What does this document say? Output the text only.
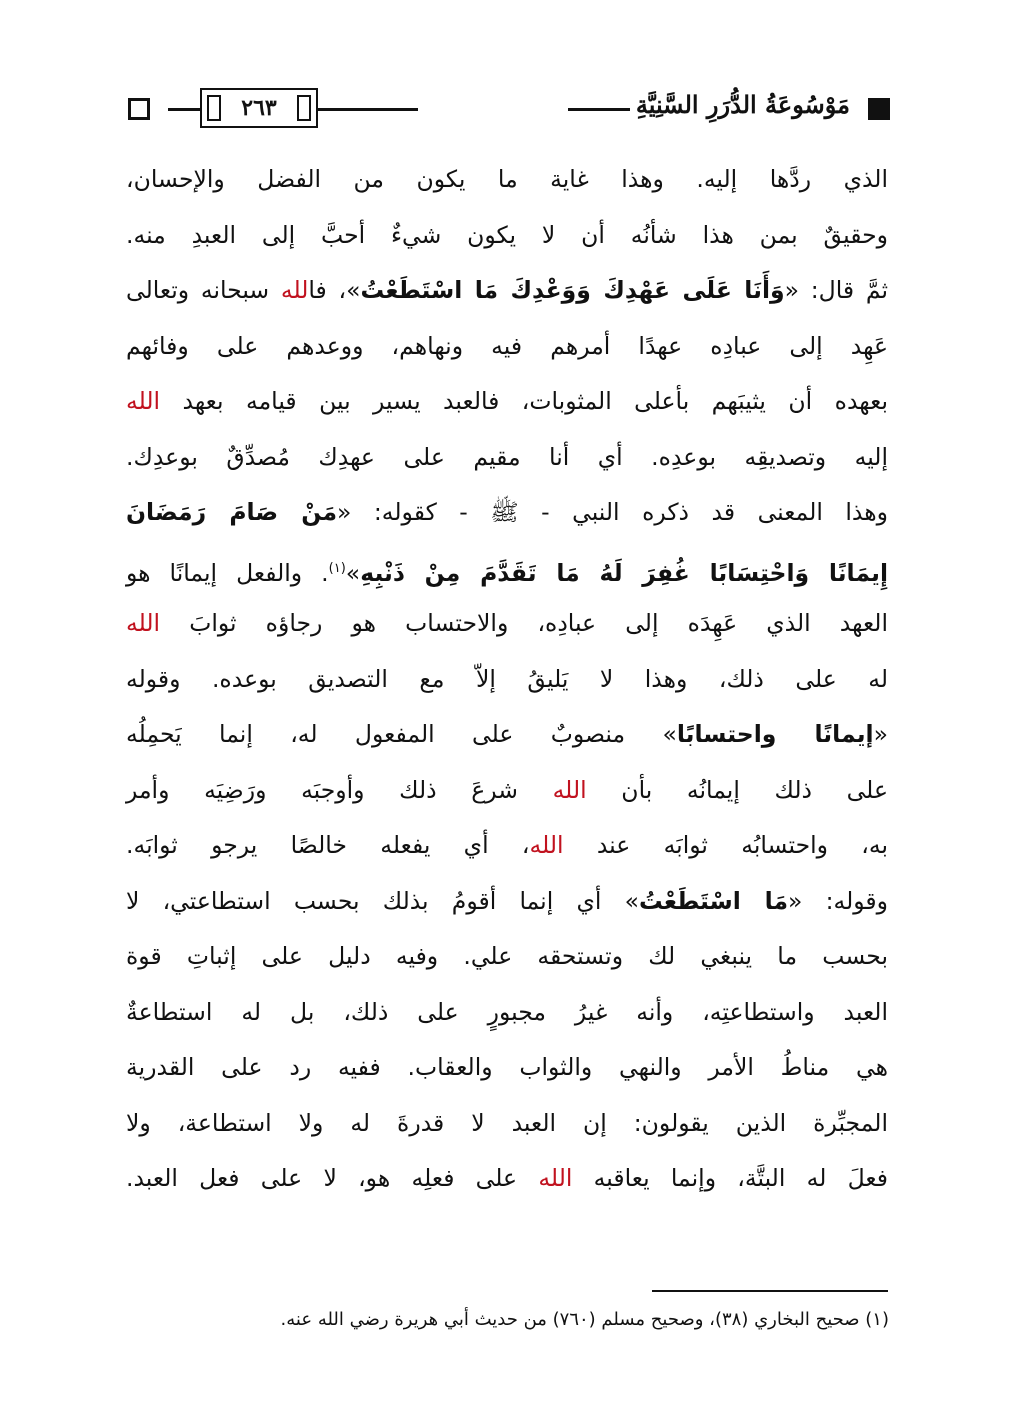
٢٦٣	مَوْسُوعَةُ الدُّرَرِ السَّنِيَّةِ
الذي ردَّها إليه. وهذا غاية ما يكون من الفضل والإحسان،
وحقيقٌ بمن هذا شأنُه أن لا يكون شيءٌ أحبَّ إلى العبدِ منه.
ثمَّ قال: «وَأَنَا عَلَى عَهْدِكَ وَوَعْدِكَ مَا اسْتَطَعْتُ»، فالله سبحانه وتعالى
عَهِد إلى عبادِه عهدًا أمرهم فيه ونهاهم، ووعدهم على وفائهم
بعهده أن يثيبَهم بأعلى المثوبات، فالعبد يسير بين قيامه بعهد الله
إليه وتصديقِه بوعدِه. أي أنا مقيم على عهدِك مُصدِّقٌ بوعدِك.
وهذا المعنى قد ذكره النبي - ﷺ - كقوله: «مَنْ صَامَ رَمَضَانَ
إِيمَانًا وَاحْتِسَابًا غُفِرَ لَهُ مَا تَقَدَّمَ مِنْ ذَنْبِهِ»$^{(١)}$. والفعل إيمانًا هو
العهد الذي عَهِدَه إلى عبادِه، والاحتساب هو رجاؤه ثوابَ الله
له على ذلك، وهذا لا يَليقُ إلاّ مع التصديق بوعده. وقوله
«إيمانًا واحتسابًا» منصوبٌ على المفعول له، إنما يَحمِلُه
على ذلك إيمانُه بأن الله شرعَ ذلك وأوجبَه ورَضِيَه وأمر
به، واحتسابُه ثوابَه عند الله، أي يفعله خالصًا يرجو ثوابَه.
وقوله: «مَا اسْتَطَعْتُ» أي إنما أقومُ بذلك بحسب استطاعتي، لا
بحسب ما ينبغي لك وتستحقه علي. وفيه دليل على إثباتِ قوة
العبد واستطاعتِه، وأنه غيرُ مجبورٍ على ذلك، بل له استطاعةٌ
هي مناطُ الأمر والنهي والثواب والعقاب. ففيه رد على القدرية
المجبِّرة الذين يقولون: إن العبد لا قدرةَ له ولا استطاعة، ولا
فعلَ له البتَّة، وإنما يعاقبه الله على فعلِه هو، لا على فعل العبد.
(١) صحيح البخاري (٣٨)، وصحيح مسلم (٧٦٠) من حديث أبي هريرة رضي الله عنه.
